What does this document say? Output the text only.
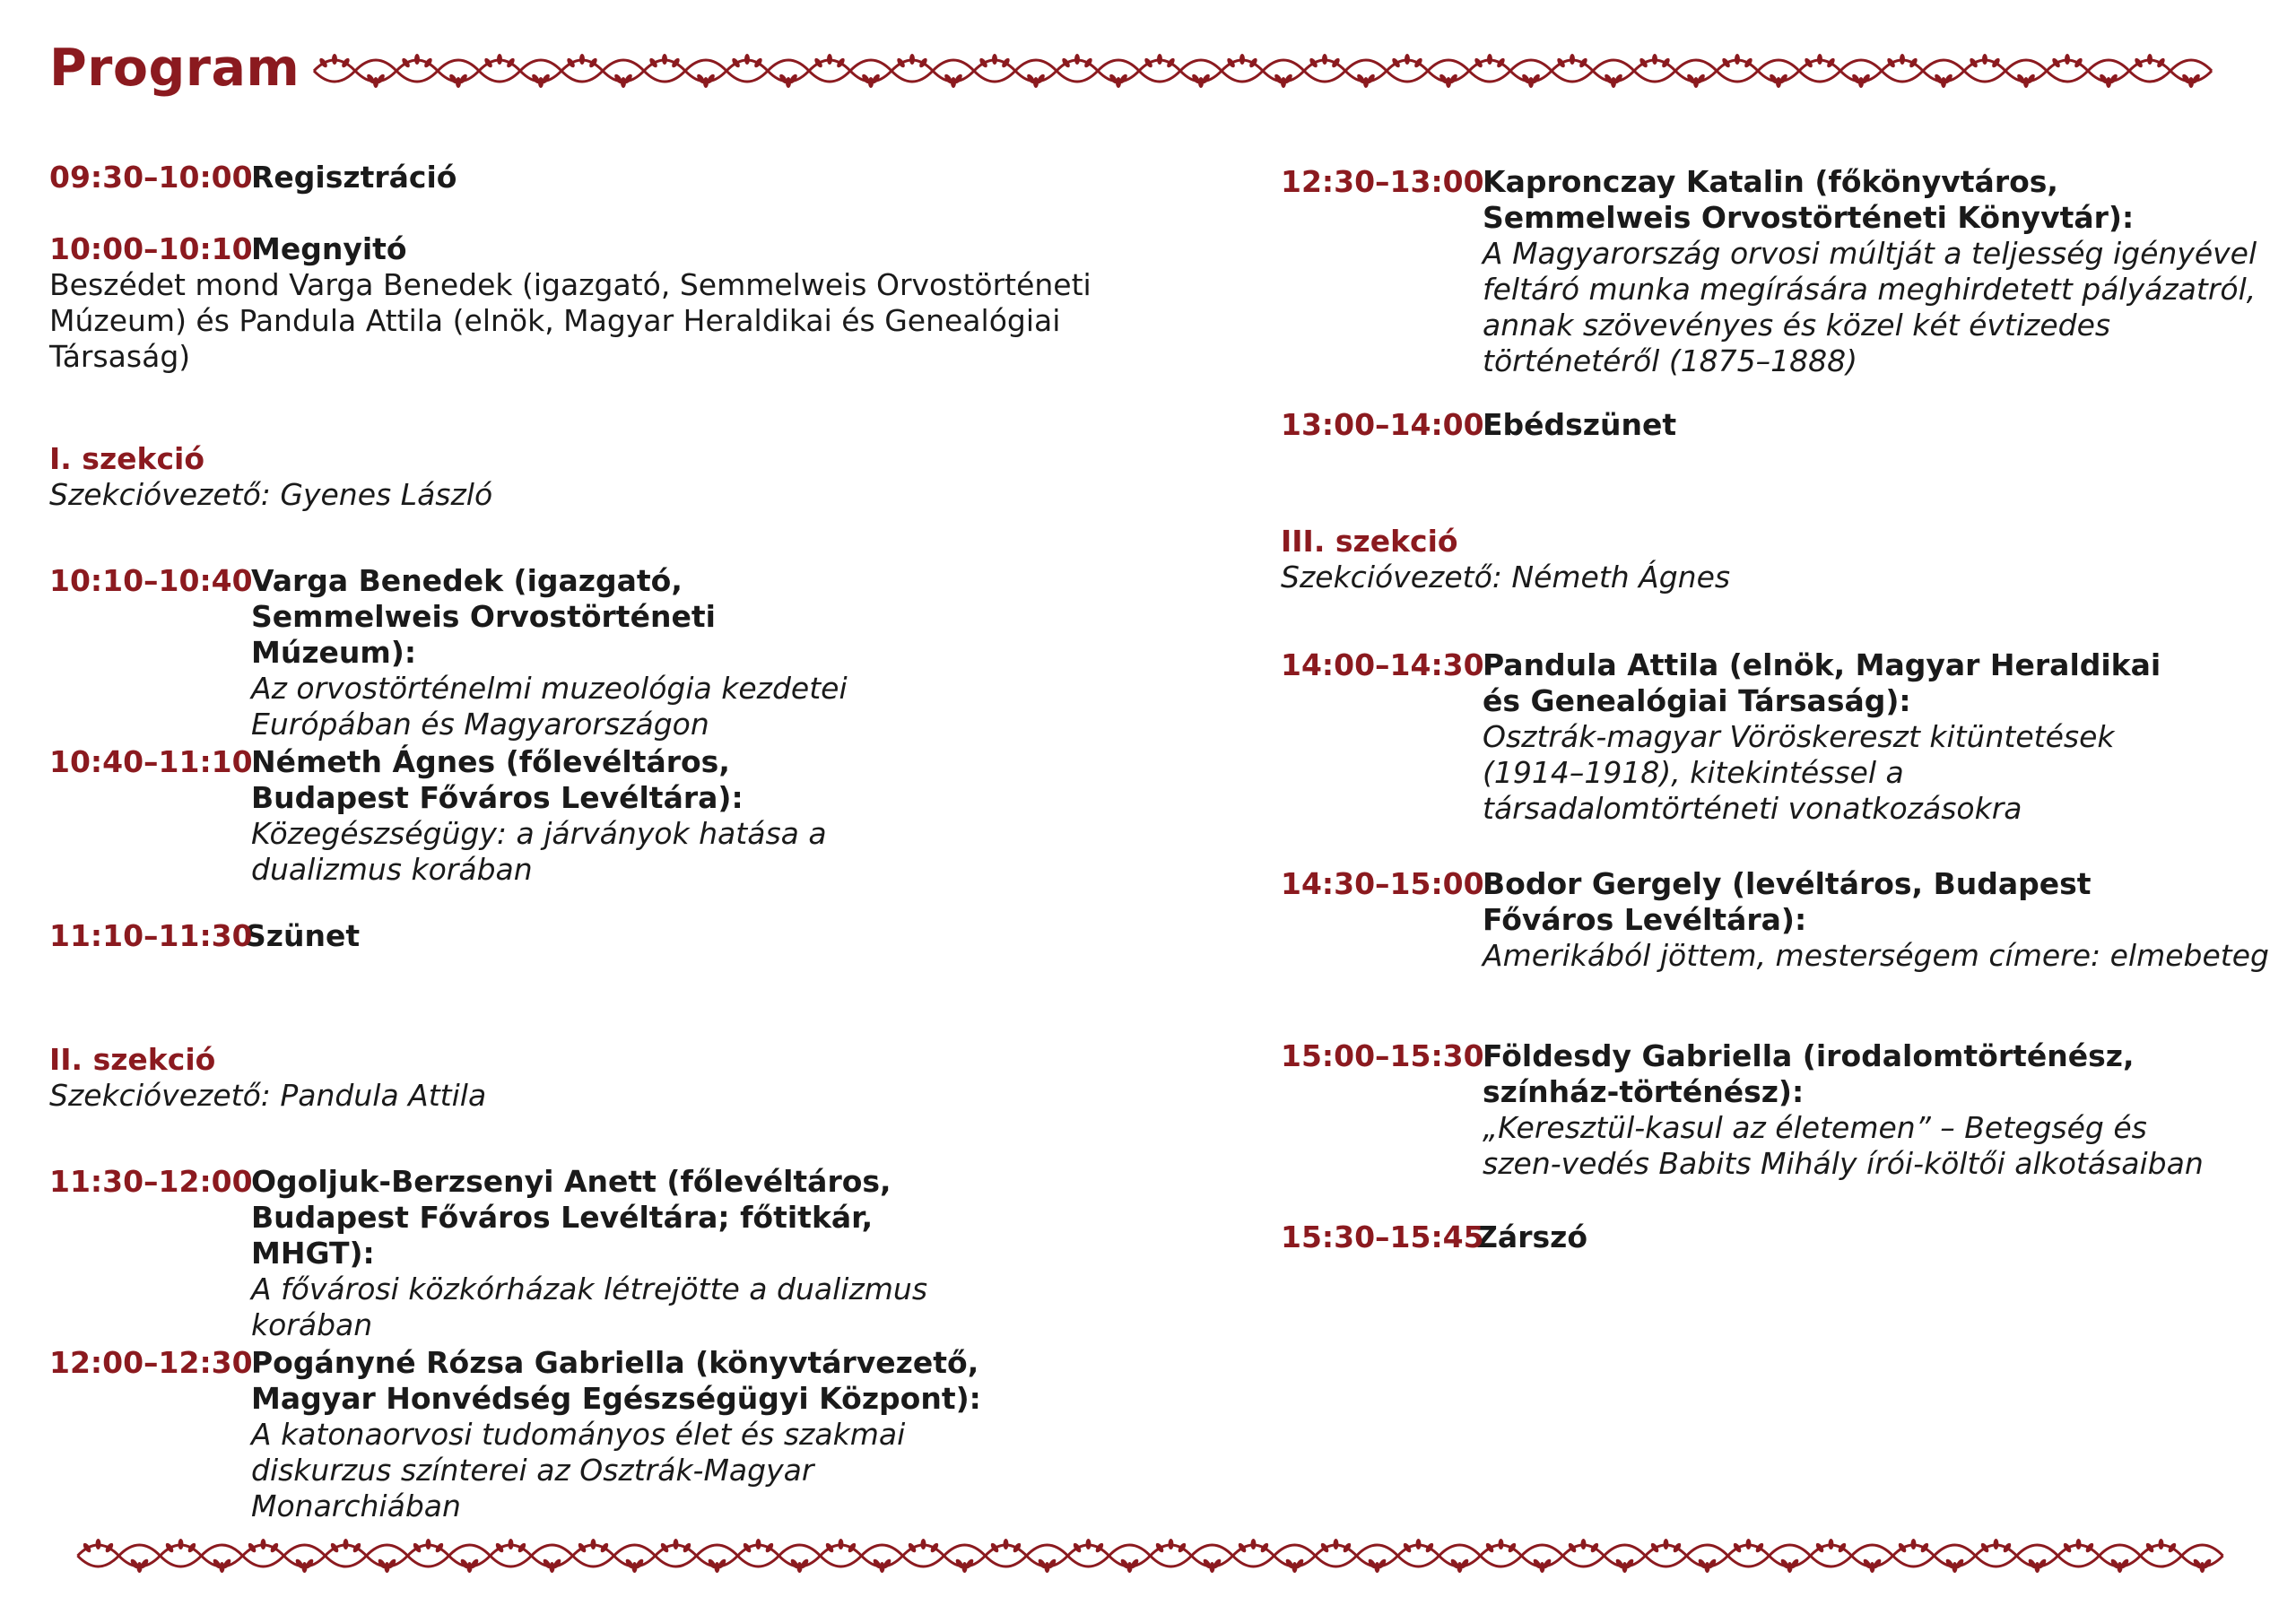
Program
09:30–10:00
Regisztráció
10:00–10:10
Megnyitó
Beszédet mond Varga Benedek (igazgató, Semmelweis Orvostörténeti Múzeum) és Pandula Attila (elnök, Magyar Heraldikai és Genealógiai Társaság)
I. szekció
Szekcióvezető: Gyenes László
10:10–10:40
Varga Benedek (igazgató, Semmelweis Orvostörténeti Múzeum):
Az orvostörténelmi muzeológia kezdetei Európában és Magyarországon
10:40–11:10
Németh Ágnes (főlevéltáros, Budapest Főváros Levéltára):
Közegészségügy: a járványok hatása a dualizmus korában
11:10–11:30
Szünet
II. szekció
Szekcióvezető: Pandula Attila
11:30–12:00
Ogoljuk-Berzsenyi Anett (főlevéltáros, Budapest Főváros Levéltára; főtitkár, MHGT):
A fővárosi közkórházak létrejötte a dualizmus korában
12:00–12:30
Pogányné Rózsa Gabriella (könyvtárvezető, Magyar Honvédség Egészségügyi Központ):
A katonaorvosi tudományos élet és szakmai diskurzus színterei az Osztrák-Magyar Monarchiában
12:30–13:00
Kapronczay Katalin (főkönyvtáros, Semmelweis Orvostörténeti Könyvtár):
A Magyarország orvosi múltját a teljesség igényével feltáró munka megírására meghirdetett pályázatról, annak szövevényes és közel két évtizedes történetéről (1875–1888)
13:00–14:00
Ebédszünet
III. szekció
Szekcióvezető: Németh Ágnes
14:00–14:30
Pandula Attila (elnök, Magyar Heraldikai és Genealógiai Társaság):
Osztrák-magyar Vöröskereszt kitüntetések (1914–1918), kitekintéssel a társadalomtörténeti vonatkozásokra
14:30–15:00
Bodor Gergely (levéltáros, Budapest Főváros Levéltára):
Amerikából jöttem, mesterségem címere: elmebeteg
15:00–15:30
Földesdy Gabriella (irodalomtörténész, színház-történész):
„Keresztül-kasul az életemen” – Betegség és szen-vedés Babits Mihály írói-költői alkotásaiban
15:30–15:45
Zárszó
